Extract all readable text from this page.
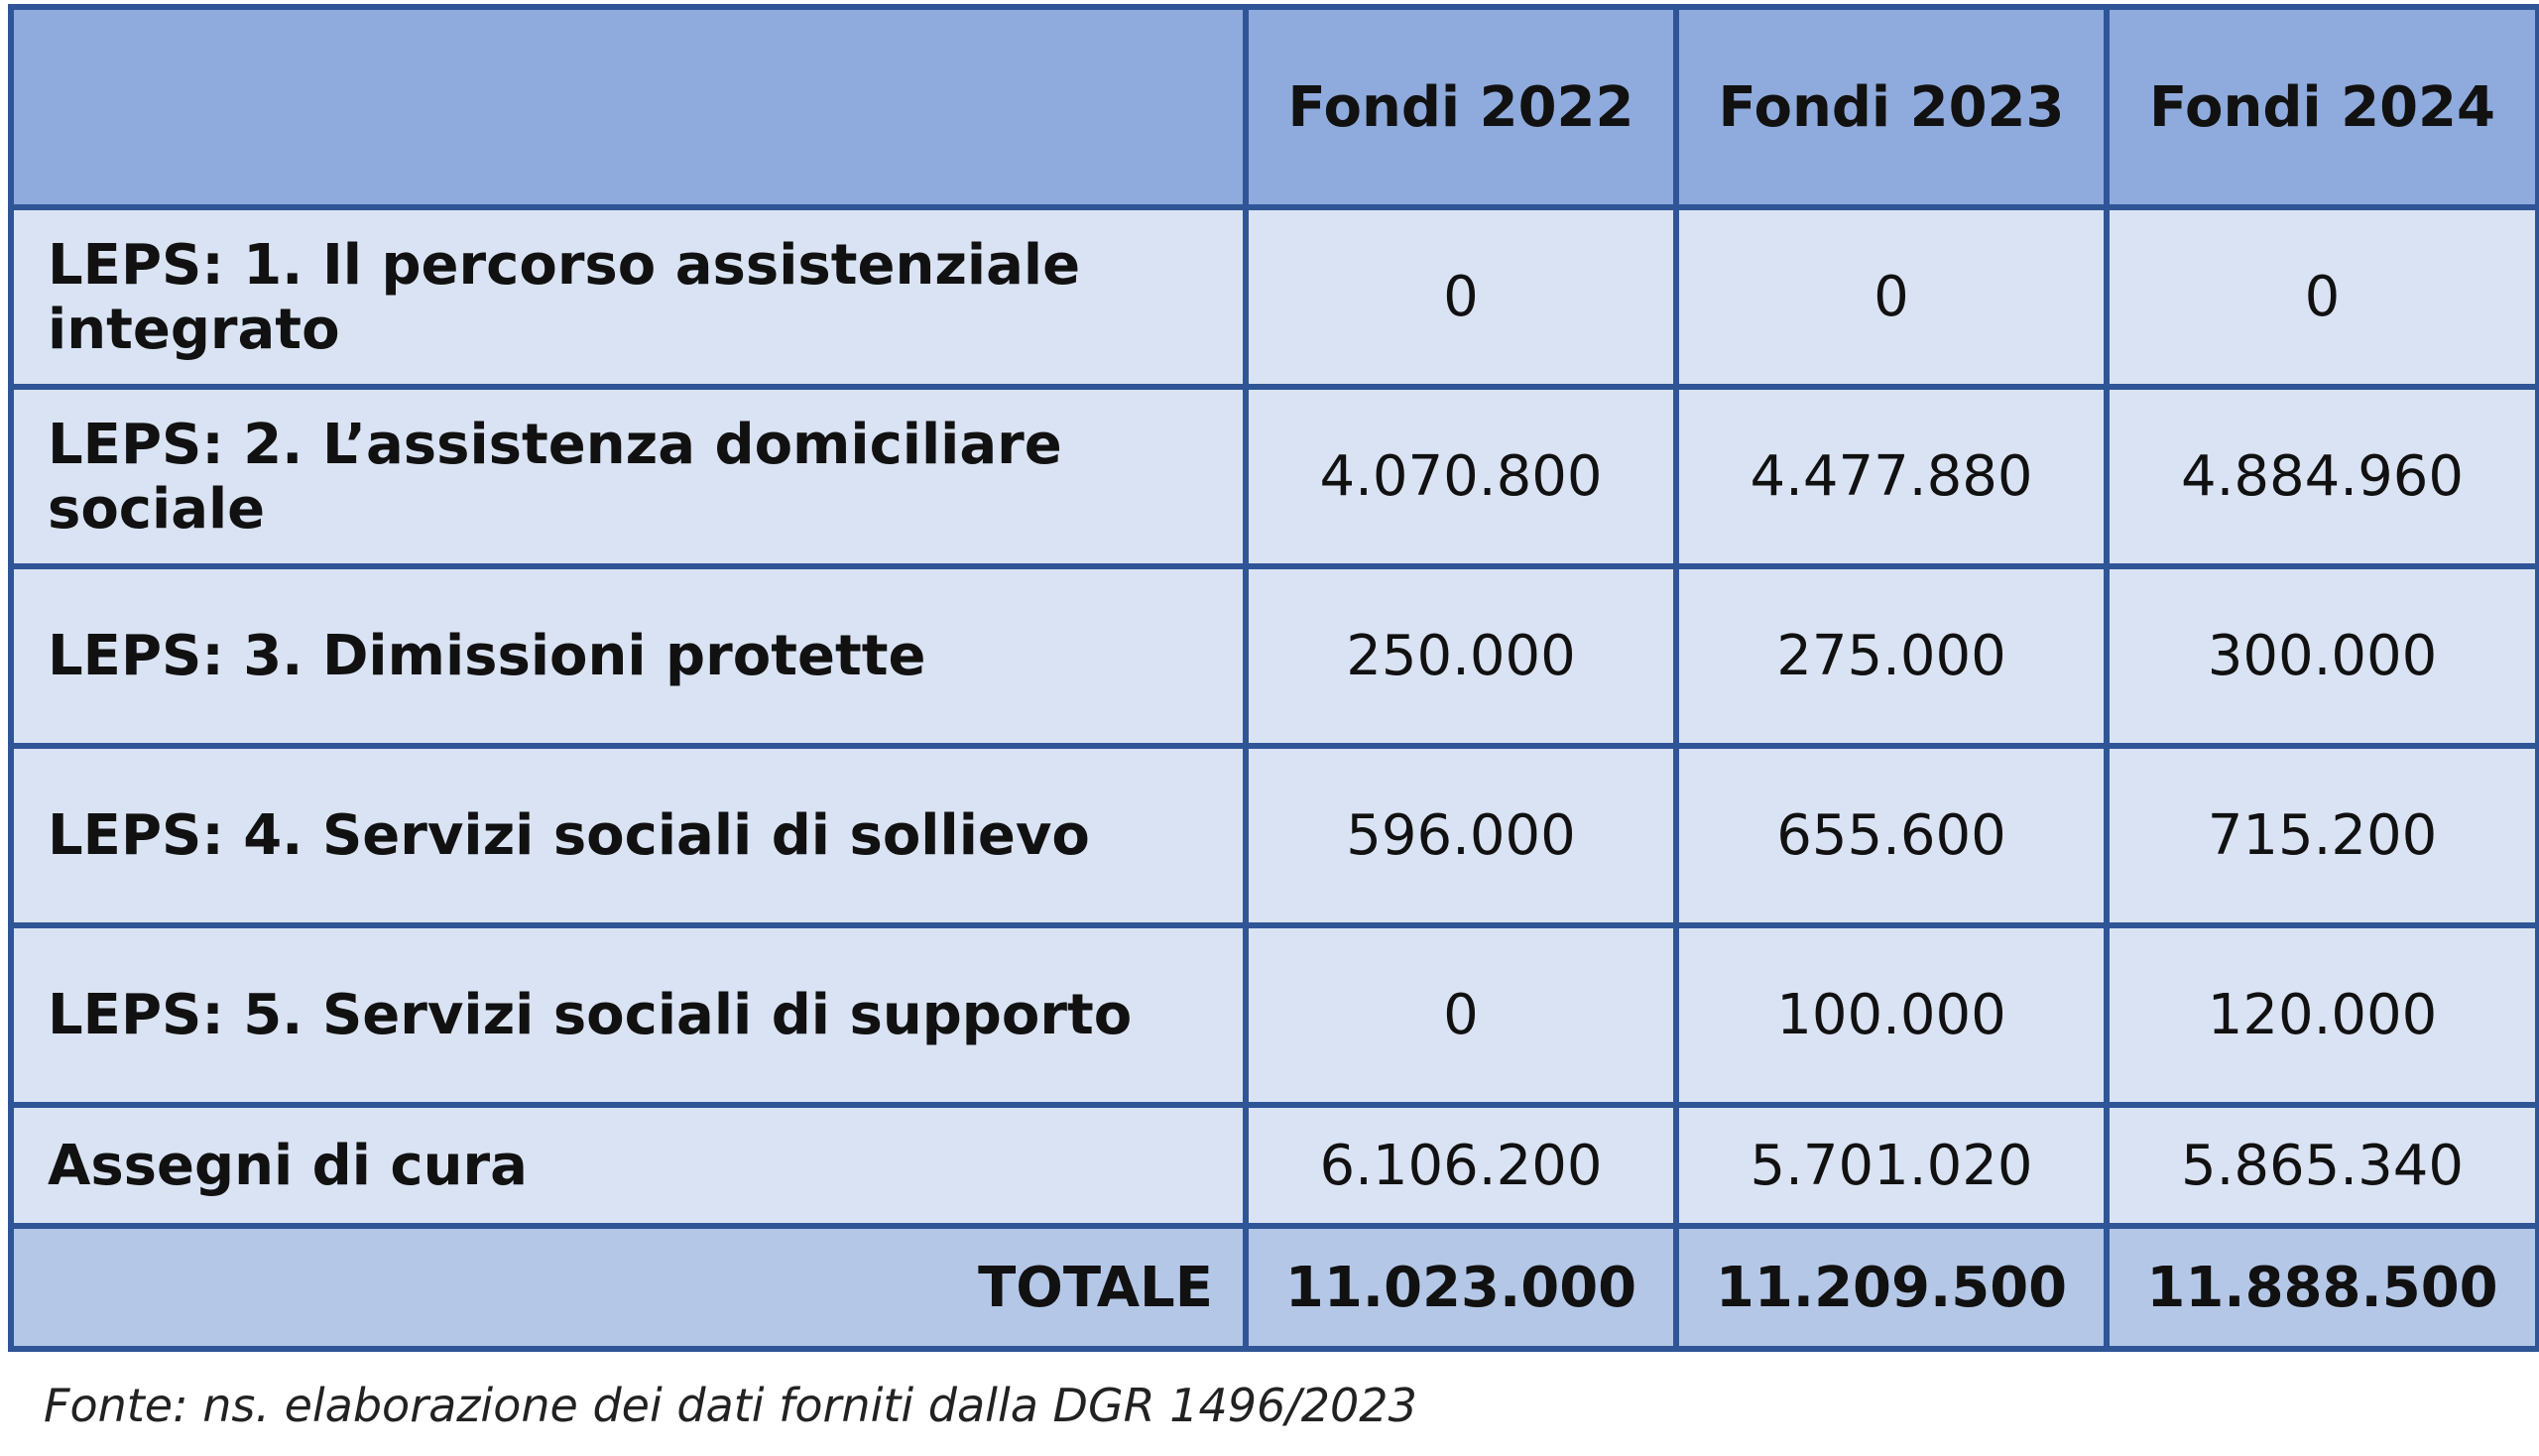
	Fondi 2022	Fondi 2023	Fondi 2024
LEPS: 1. Il percorso assistenziale integrato	0	0	0
LEPS: 2. L’assistenza domiciliare sociale	4.070.800	4.477.880	4.884.960
LEPS: 3. Dimissioni protette	250.000	275.000	300.000
LEPS: 4. Servizi sociali di sollievo	596.000	655.600	715.200
LEPS: 5. Servizi sociali di supporto	0	100.000	120.000
Assegni di cura	6.106.200	5.701.020	5.865.340
TOTALE	11.023.000	11.209.500	11.888.500
Fonte: ns. elaborazione dei dati forniti dalla DGR 1496/2023
